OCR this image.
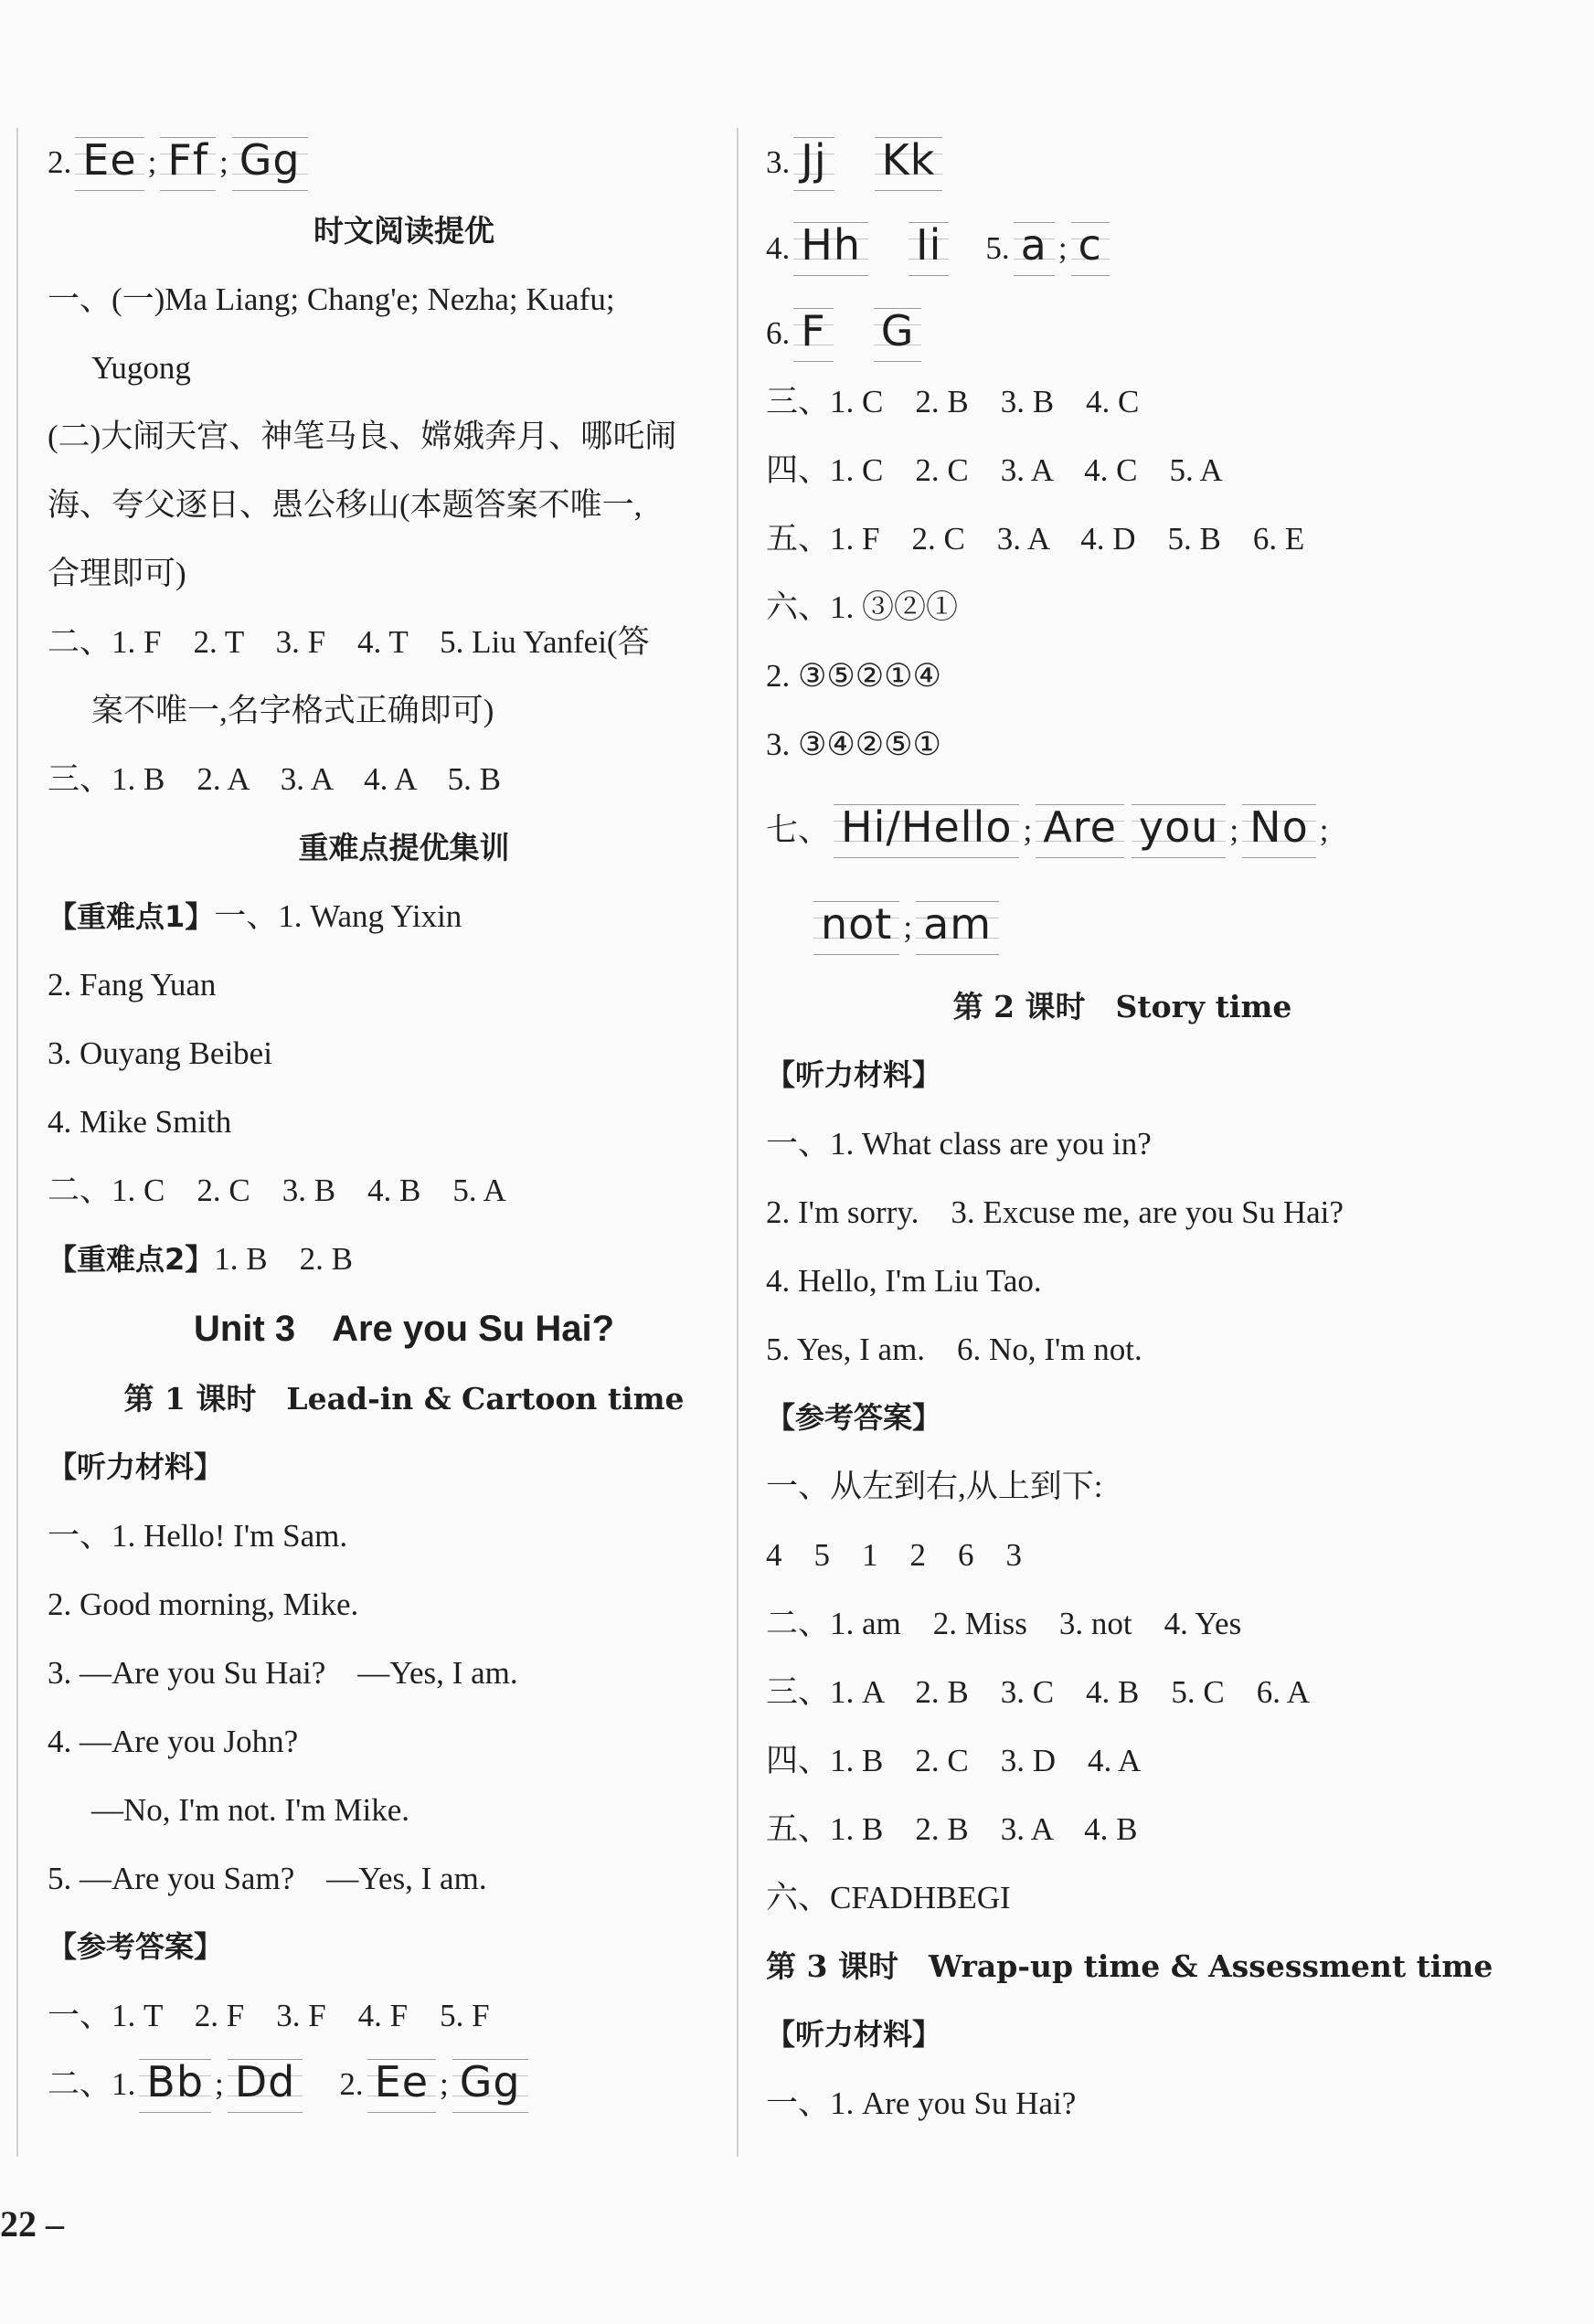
2. Ee ; Ff ; Gg
时文阅读提优
一、(一)Ma Liang; Chang'e; Nezha; Kuafu;
Yugong
(二)大闹天宫、神笔马良、嫦娥奔月、哪吒闹
海、夸父逐日、愚公移山(本题答案不唯一,
合理即可)
二、1. F　2. T　3. F　4. T　5. Liu Yanfei(答
案不唯一,名字格式正确即可)
三、1. B　2. A　3. A　4. A　5. B
重难点提优集训
【重难点1】一、1. Wang Yixin
2. Fang Yuan
3. Ouyang Beibei
4. Mike Smith
二、1. C　2. C　3. B　4. B　5. A
【重难点2】1. B　2. B
Unit 3　Are you Su Hai?
第 1 课时　Lead-in & Cartoon time
【听力材料】
一、1. Hello! I'm Sam.
2. Good morning, Mike.
3. —Are you Su Hai?　—Yes, I am.
4. —Are you John?
—No, I'm not. I'm Mike.
5. —Are you Sam?　—Yes, I am.
【参考答案】
一、1. T　2. F　3. F　4. F　5. F
二、1. Bb ; Dd 2. Ee ; Gg
3. Jj Kk
4. Hh Ii 5. a ; c
6. F G
三、1. C　2. B　3. B　4. C
四、1. C　2. C　3. A　4. C　5. A
五、1. F　2. C　3. A　4. D　5. B　6. E
六、1. ③②①
2. ③⑤②①④
3. ③④②⑤①
七、 Hi/Hello ; Are you ; No ;
not ; am
第 2 课时　Story time
【听力材料】
一、1. What class are you in?
2. I'm sorry.　3. Excuse me, are you Su Hai?
4. Hello, I'm Liu Tao.
5. Yes, I am.　6. No, I'm not.
【参考答案】
一、从左到右,从上到下:
4　5　1　2　6　3
二、1. am　2. Miss　3. not　4. Yes
三、1. A　2. B　3. C　4. B　5. C　6. A
四、1. B　2. C　3. D　4. A
五、1. B　2. B　3. A　4. B
六、CFADHBEGI
第 3 课时　Wrap-up time & Assessment time
【听力材料】
一、1. Are you Su Hai?
22 –
